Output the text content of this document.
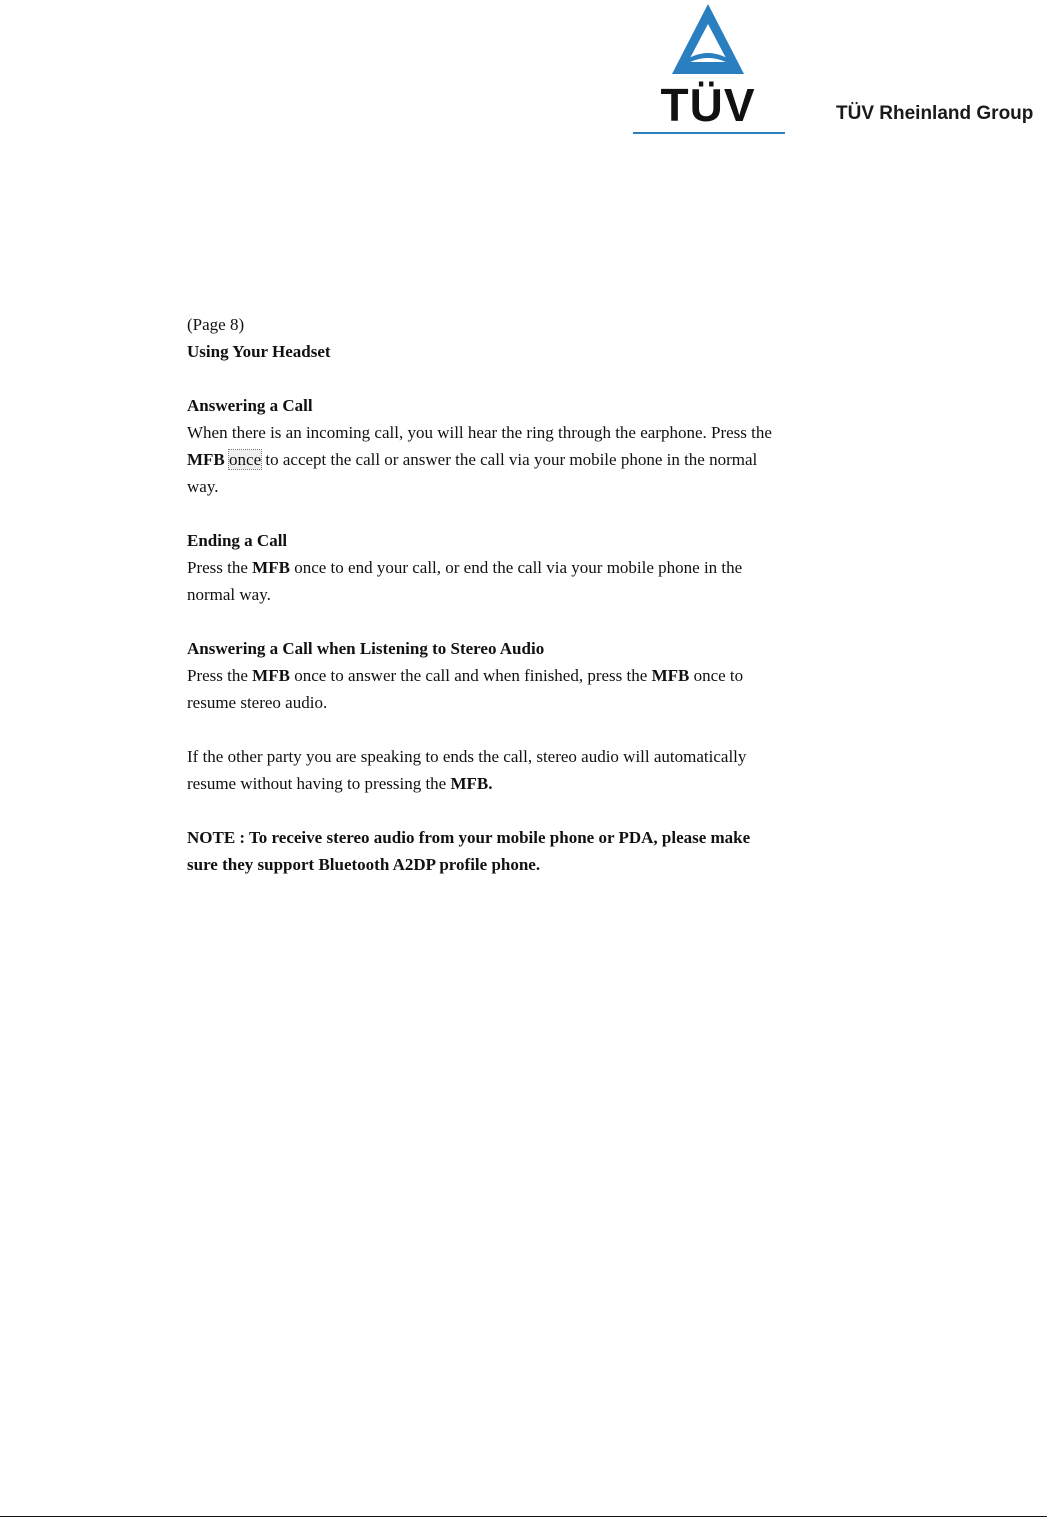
TÜV	TÜV Rheinland Group

(Page 8)

Using Your Headset

Answering a Call

When there is an incoming call, you will hear the ring through the earphone. Press the

MFB once to accept the call or answer the call via your mobile phone in the normal

way.

Ending a Call

Press the MFB once to end your call, or end the call via your mobile phone in the

normal way.

Answering a Call when Listening to Stereo Audio

Press the MFB once to answer the call and when finished, press the MFB once to

resume stereo audio.

If the other party you are speaking to ends the call, stereo audio will automatically

resume without having to pressing the MFB.

NOTE : To receive stereo audio from your mobile phone or PDA, please make

sure they support Bluetooth A2DP profile phone.
